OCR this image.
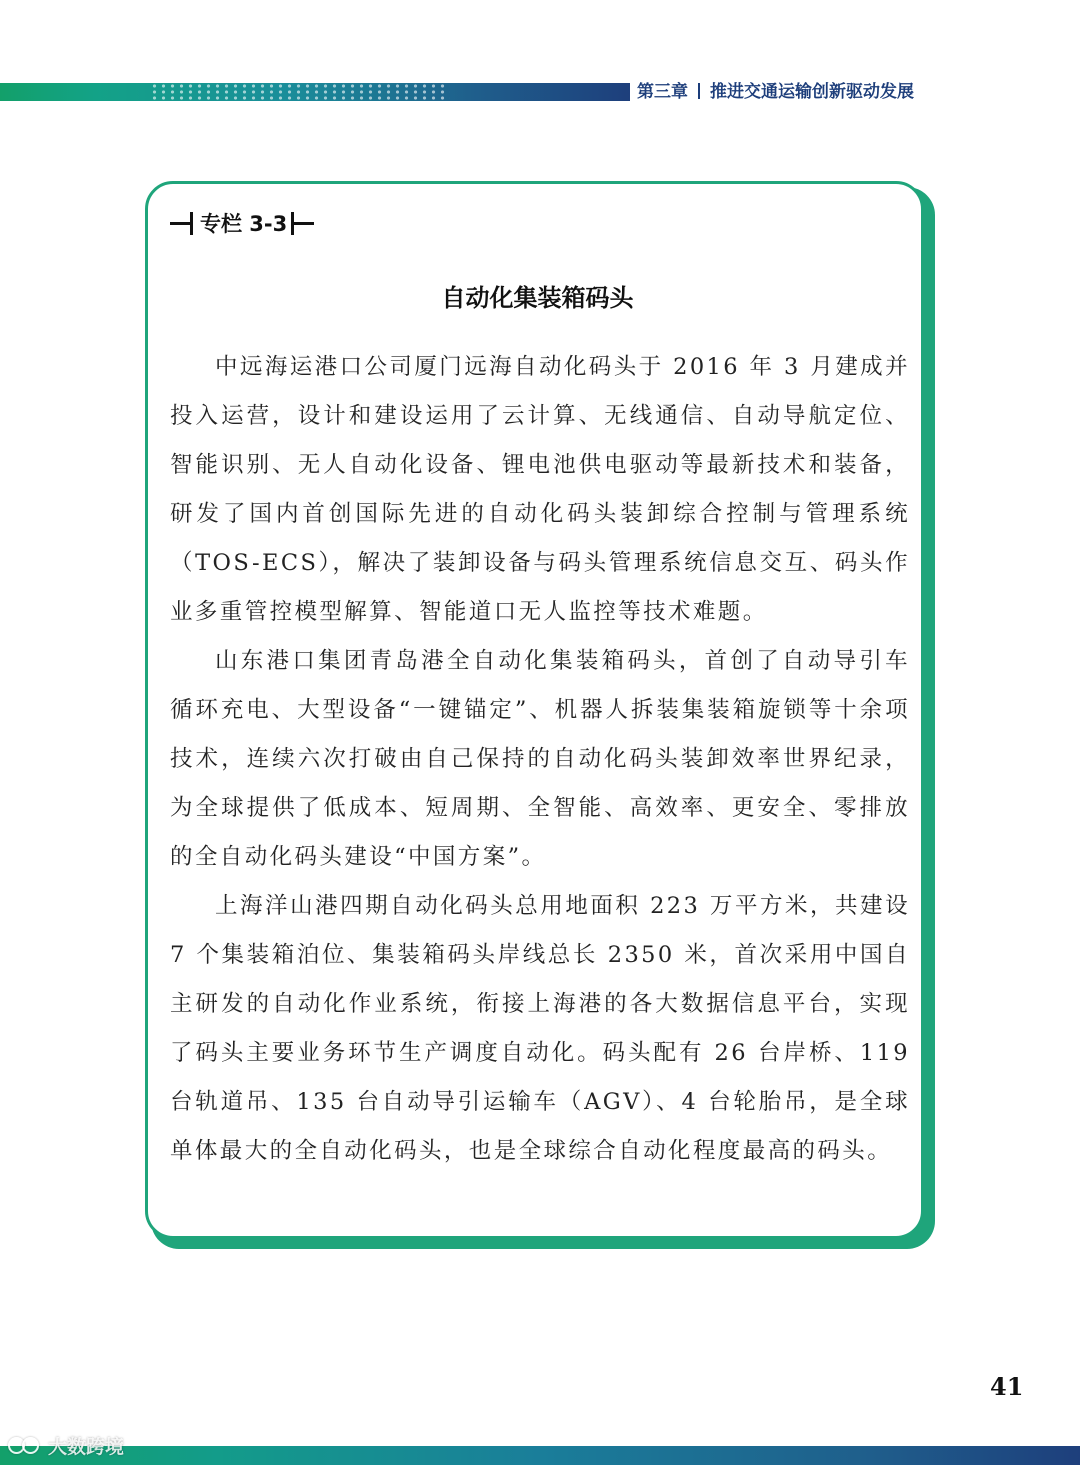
第三章 推进交通运输创新驱动发展
专栏 3-3
自动化集装箱码头

中远海运港口公司厦门远海自动化码头于 2016 年 3 月建成并投入运营，设计和建设运用了云计算、无线通信、自动导航定位、智能识别、无人自动化设备、锂电池供电驱动等最新技术和装备，研发了国内首创国际先进的自动化码头装卸综合控制与管理系统（TOS-ECS），解决了装卸设备与码头管理系统信息交互、码头作业多重管控模型解算、智能道口无人监控等技术难题。

山东港口集团青岛港全自动化集装箱码头，首创了自动导引车循环充电、大型设备“一键锚定”、机器人拆装集装箱旋锁等十余项技术，连续六次打破由自己保持的自动化码头装卸效率世界纪录，为全球提供了低成本、短周期、全智能、高效率、更安全、零排放的全自动化码头建设“中国方案”。

上海洋山港四期自动化码头总用地面积 223 万平方米，共建设 7 个集装箱泊位、集装箱码头岸线总长 2350 米，首次采用中国自主研发的自动化作业系统，衔接上海港的各大数据信息平台，实现了码头主要业务环节生产调度自动化。码头配有 26 台岸桥、119 台轨道吊、135 台自动导引运输车（AGV）、4 台轮胎吊，是全球单体最大的全自动化码头，也是全球综合自动化程度最高的码头。

41
大数跨境
